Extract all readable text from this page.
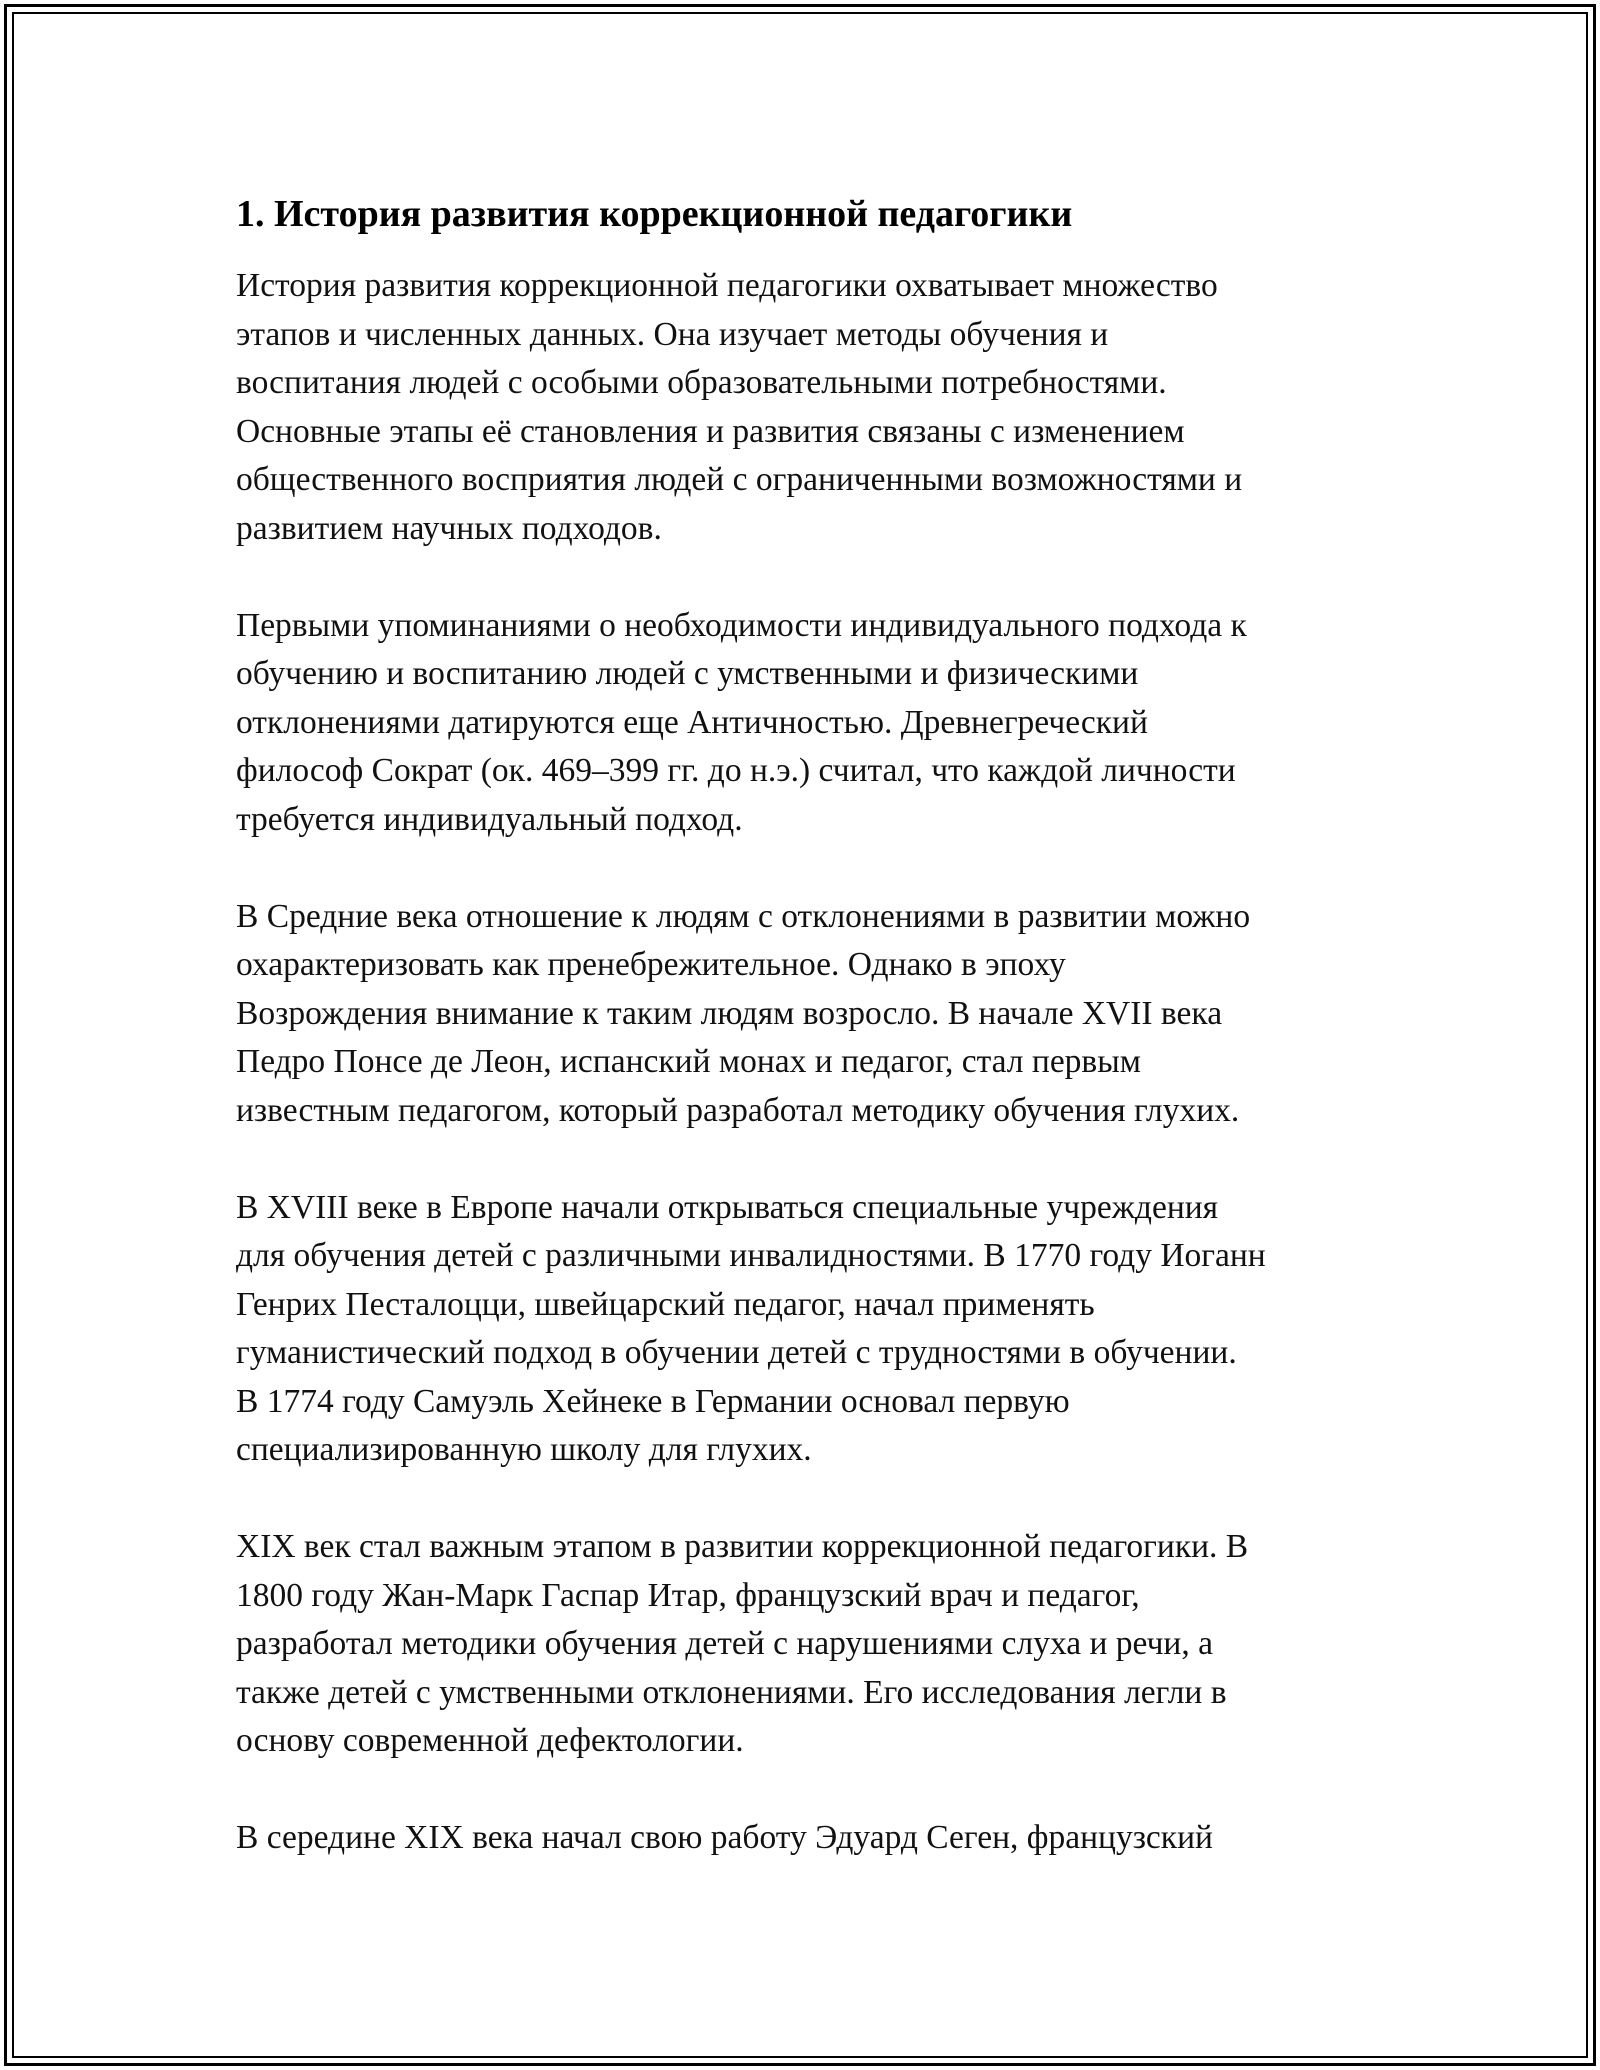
1. История развития коррекционной педагогики

История развития коррекционной педагогики охватывает множество
этапов и численных данных. Она изучает методы обучения и
воспитания людей с особыми образовательными потребностями.
Основные этапы её становления и развития связаны с изменением
общественного восприятия людей с ограниченными возможностями и
развитием научных подходов.

Первыми упоминаниями о необходимости индивидуального подхода к
обучению и воспитанию людей с умственными и физическими
отклонениями датируются еще Античностью. Древнегреческий
философ Сократ (ок. 469–399 гг. до н.э.) считал, что каждой личности
требуется индивидуальный подход.

В Средние века отношение к людям с отклонениями в развитии можно
охарактеризовать как пренебрежительное. Однако в эпоху
Возрождения внимание к таким людям возросло. В начале XVII века
Педро Понсе де Леон, испанский монах и педагог, стал первым
известным педагогом, который разработал методику обучения глухих.

В XVIII веке в Европе начали открываться специальные учреждения
для обучения детей с различными инвалидностями. В 1770 году Иоганн
Генрих Песталоцци, швейцарский педагог, начал применять
гуманистический подход в обучении детей с трудностями в обучении.
В 1774 году Самуэль Хейнеке в Германии основал первую
специализированную школу для глухих.

XIX век стал важным этапом в развитии коррекционной педагогики. В
1800 году Жан-Марк Гаспар Итар, французский врач и педагог,
разработал методики обучения детей с нарушениями слуха и речи, а
также детей с умственными отклонениями. Его исследования легли в
основу современной дефектологии.

В середине XIX века начал свою работу Эдуард Сеген, французский
